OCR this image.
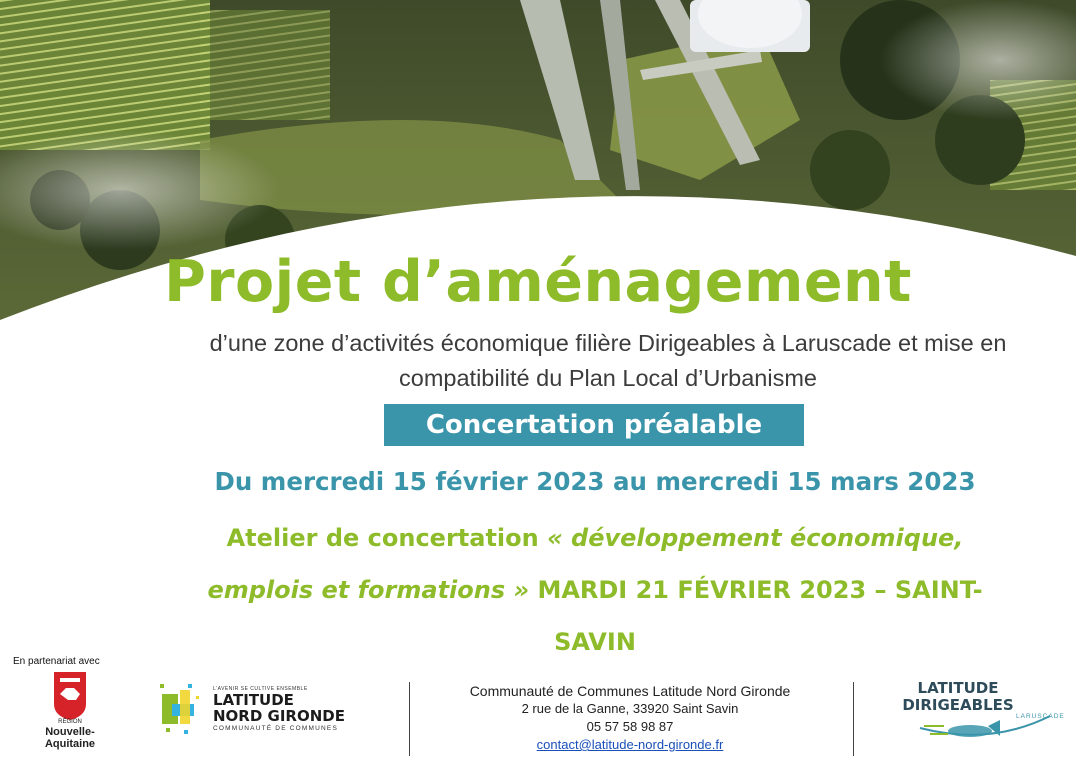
Projet d’aménagement
d’une zone d’activités économique filière Dirigeables à Laruscade et mise en
compatibilité du Plan Local d’Urbanisme
Concertation préalable
Du mercredi 15 février 2023 au mercredi 15 mars 2023
Atelier de concertation « développement économique,
emplois et formations » MARDI 21 FÉVRIER 2023 – SAINT-
SAVIN
En partenariat avec
RÉGION
Nouvelle-
Aquitaine
L’AVENIR SE CULTIVE ENSEMBLE
LATITUDE
NORD GIRONDE
COMMUNAUTÉ DE COMMUNES
Communauté de Communes Latitude Nord Gironde
2 rue de la Ganne, 33920 Saint Savin
05 57 58 98 87
contact@latitude-nord-gironde.fr
LATITUDE
DIRIGEABLES
LARUSCADE
